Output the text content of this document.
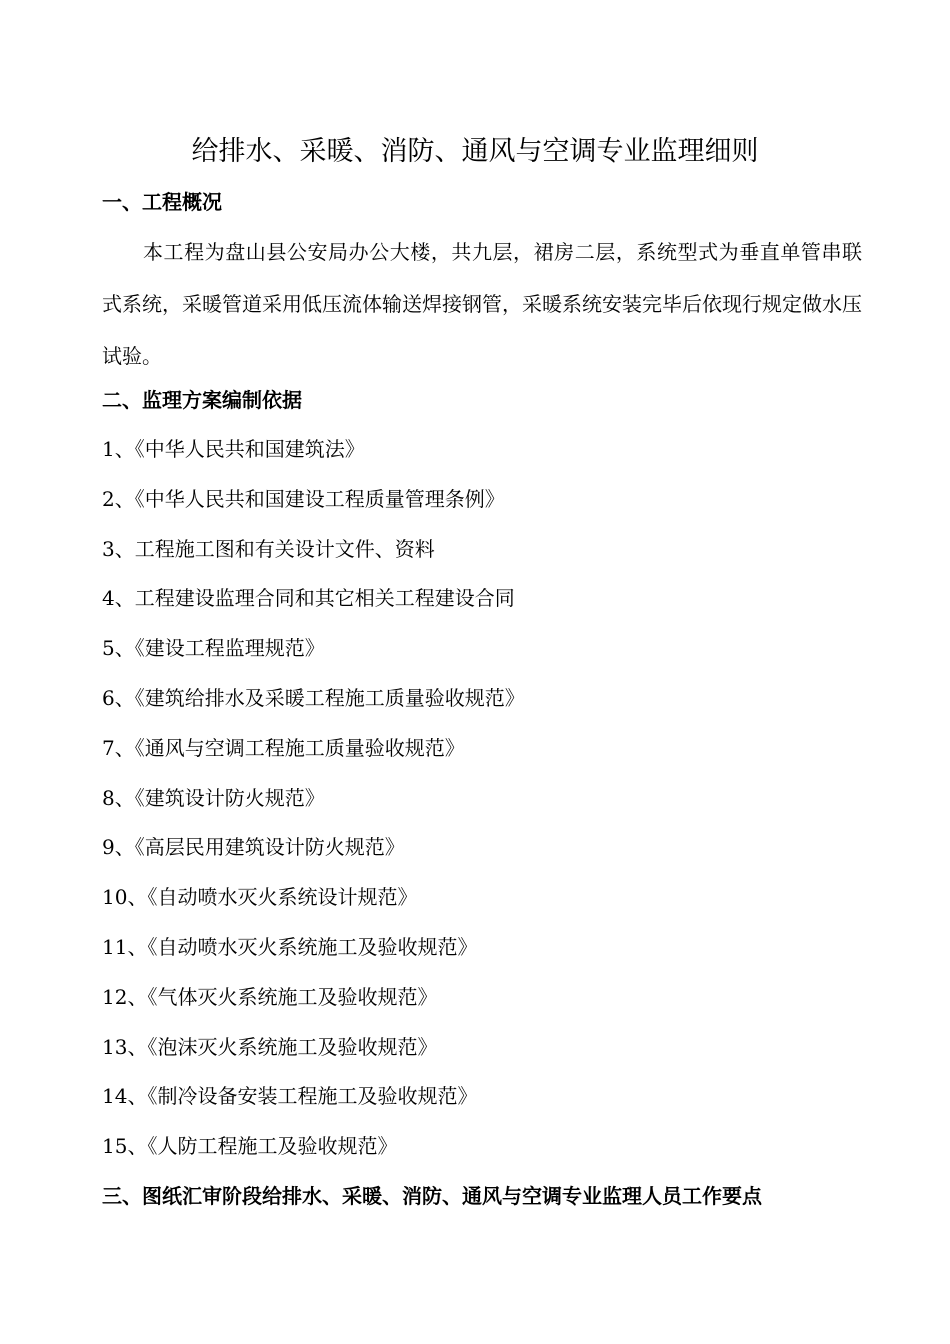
给排水、采暖、消防、通风与空调专业监理细则
一、工程概况
本工程为盘山县公安局办公大楼，共九层，裙房二层，系统型式为垂直单管串联式系统，采暖管道采用低压流体输送焊接钢管，采暖系统安装完毕后依现行规定做水压试验。
二、监理方案编制依据
1、《中华人民共和国建筑法》
2、《中华人民共和国建设工程质量管理条例》
3、工程施工图和有关设计文件、资料
4、工程建设监理合同和其它相关工程建设合同
5、《建设工程监理规范》
6、《建筑给排水及采暖工程施工质量验收规范》
7、《通风与空调工程施工质量验收规范》
8、《建筑设计防火规范》
9、《高层民用建筑设计防火规范》
10、《自动喷水灭火系统设计规范》
11、《自动喷水灭火系统施工及验收规范》
12、《气体灭火系统施工及验收规范》
13、《泡沫灭火系统施工及验收规范》
14、《制冷设备安装工程施工及验收规范》
15、《人防工程施工及验收规范》
三、图纸汇审阶段给排水、采暖、消防、通风与空调专业监理人员工作要点
